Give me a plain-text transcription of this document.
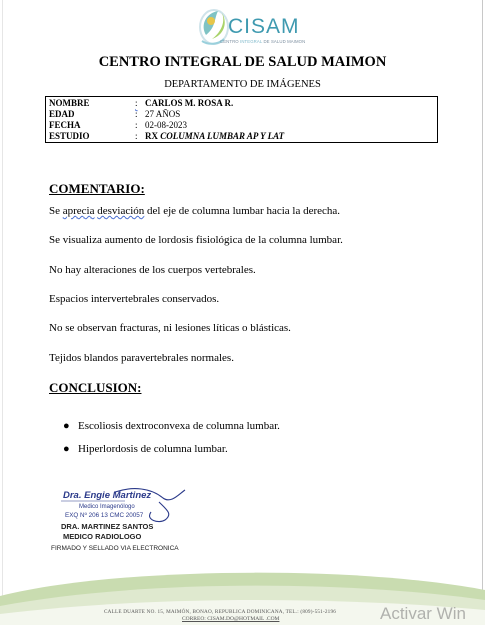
CISAM
CENTRO INTEGRAL DE SALUD MAIMON
CENTRO INTEGRAL DE SALUD MAIMON
DEPARTAMENTO DE IMÁGENES
NOMBRE	: CARLOS M. ROSA R.
EDAD	: 27 AÑOS
FECHA	: 02-08-2023
ESTUDIO	: RX COLUMNA LUMBAR AP Y LAT
COMENTARIO:
Se aprecia desviación del eje de columna lumbar hacia la derecha.
Se visualiza aumento de lordosis fisiológica de la columna lumbar.
No hay alteraciones de los cuerpos vertebrales.
Espacios intervertebrales conservados.
No se observan fracturas, ni lesiones líticas o blásticas.
Tejidos blandos paravertebrales normales.
CONCLUSION:
● Escoliosis dextroconvexa de columna lumbar.
● Hiperlordosis de columna lumbar.
Dra. Engie Martinez
Medico Imagenólogo
EXQ Nº 206 13 CMC 20057
DRA. MARTINEZ SANTOS
MEDICO RADIOLOGO
FIRMADO Y SELLADO VIA ELECTRONICA
CALLE DUARTE NO. 15, MAIMÓN, BONAO, REPUBLICA DOMINICANA, TEL.: (809)-551-2196
CORREO: CISAM.DO@HOTMAIL .COM	Activar Win
